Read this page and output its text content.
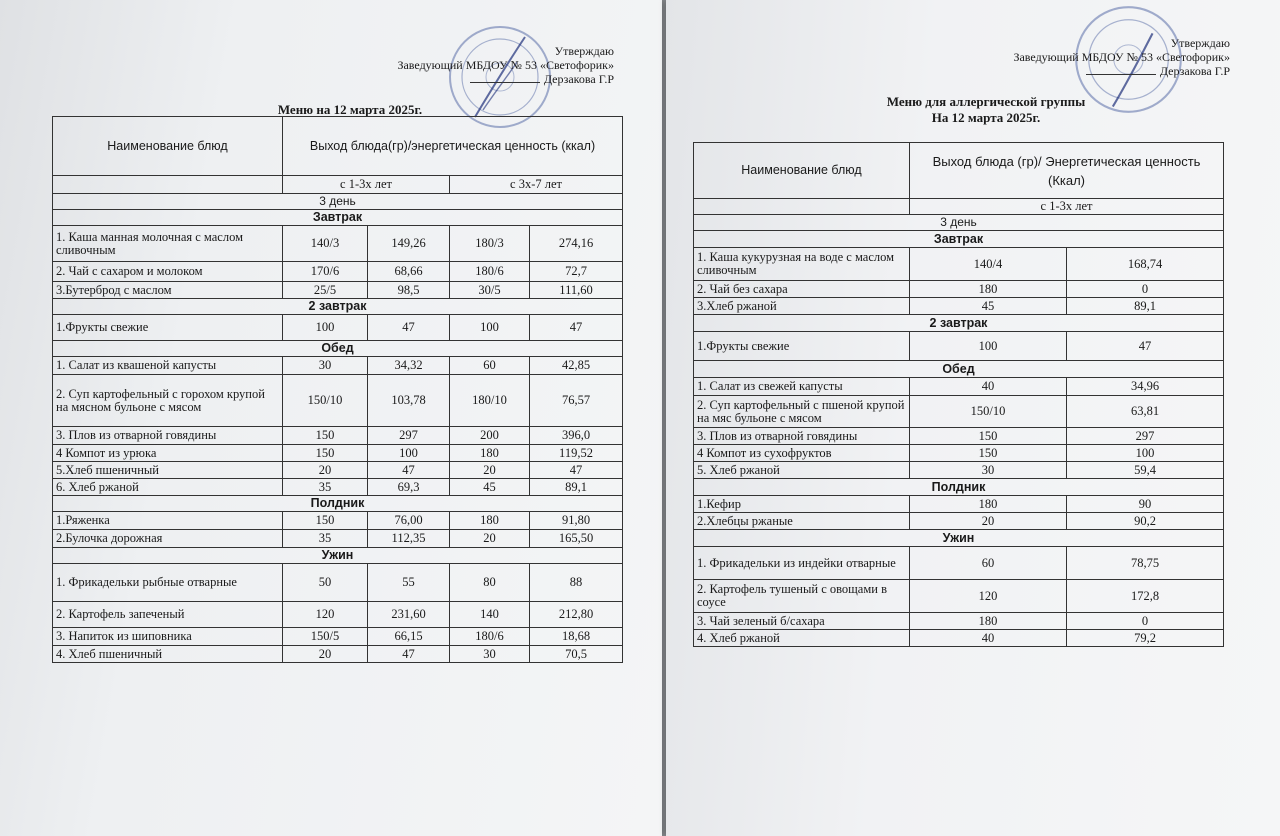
Утверждаю
Заведующий МБДОУ № 53 «Светофорик»
Дерзакова Г.Р
Меню на 12 марта 2025г.
Наименование блюд	Выход блюда(гр)/энергетическая ценность (ккал)			
	с 1-3х лет		с 3х-7 лет	
3 день				
Завтрак				
1. Каша манная молочная с маслом сливочным	140/3	149,26	180/3	274,16
2. Чай с сахаром и молоком	170/6	68,66	180/6	72,7
3.Бутерброд с маслом	25/5	98,5	30/5	111,60
2 завтрак				
1.Фрукты свежие	100	47	100	47
Обед				
1. Салат из квашеной капусты	30	34,32	60	42,85
2. Суп картофельный с горохом крупой на мясном бульоне с мясом	150/10	103,78	180/10	76,57
3. Плов из отварной говядины	150	297	200	396,0
4 Компот из урюка	150	100	180	119,52
5.Хлеб пшеничный	20	47	20	47
6. Хлеб ржаной	35	69,3	45	89,1
Полдник				
1.Ряженка	150	76,00	180	91,80
2.Булочка дорожная	35	112,35	20	165,50
Ужин				
1. Фрикадельки рыбные отварные	50	55	80	88
2. Картофель запеченый	120	231,60	140	212,80
3. Напиток из шиповника	150/5	66,15	180/6	18,68
4. Хлеб пшеничный	20	47	30	70,5
Утверждаю
Заведующий МБДОУ № 53 «Светофорик»
Дерзакова Г.Р
Меню для аллергической группы
На 12 марта 2025г.
Наименование блюд	Выход блюда (гр)/ Энергетическая ценность (Ккал)	
	с 1-3х лет	
3 день		
Завтрак		
1. Каша кукурузная на воде с маслом сливочным	140/4	168,74
2. Чай без сахара	180	0
3.Хлеб ржаной	45	89,1
2 завтрак		
1.Фрукты свежие	100	47
Обед		
1. Салат из свежей капусты	40	34,96
2. Суп картофельный с пшеной крупой на мяс бульоне с мясом	150/10	63,81
3. Плов из отварной говядины	150	297
4 Компот из сухофруктов	150	100
5. Хлеб ржаной	30	59,4
Полдник		
1.Кефир	180	90
2.Хлебцы ржаные	20	90,2
Ужин		
1. Фрикадельки из индейки отварные	60	78,75
2. Картофель тушеный с овощами в соусе	120	172,8
3. Чай зеленый б/сахара	180	0
4. Хлеб ржаной	40	79,2
